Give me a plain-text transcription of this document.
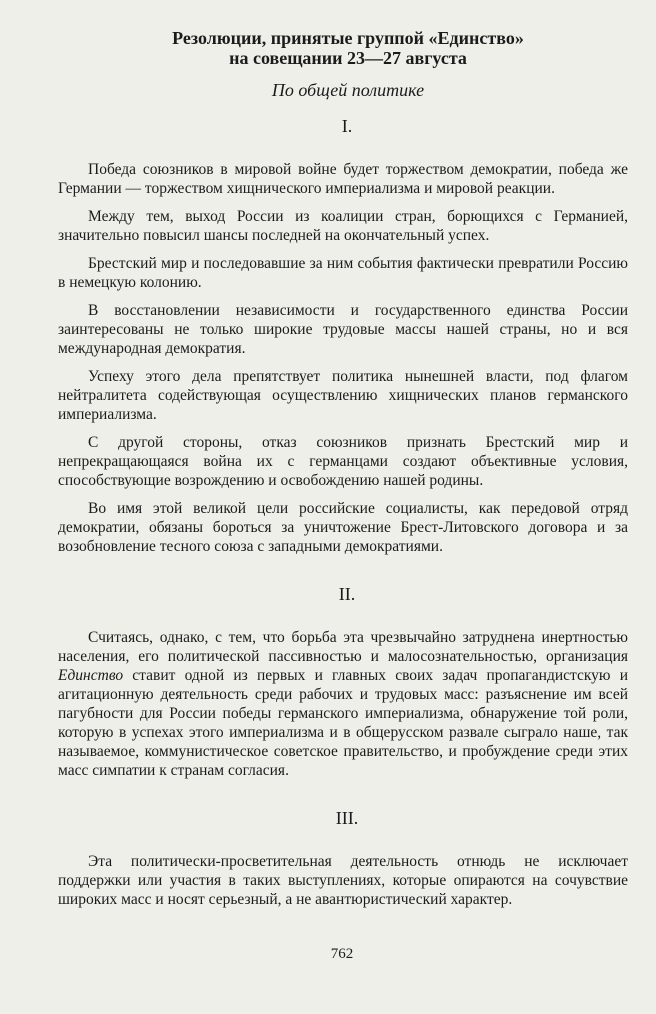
Резолюции, принятые группой «Единство»
на совещании 23—27 августа
По общей политике
I.

Победа союзников в мировой войне будет торжеством демократии, победа же Германии — торжеством хищнического империализма и мировой реакции.

Между тем, выход России из коалиции стран, борющихся с Германией, значительно повысил шансы последней на окончательный успех.

Брестский мир и последовавшие за ним события фактически превратили Россию в немецкую колонию.

В восстановлении независимости и государственного единства России заинтересованы не только широкие трудовые массы нашей страны, но и вся международная демократия.

Успеху этого дела препятствует политика нынешней власти, под флагом нейтралитета содействующая осуществлению хищнических планов германского империализма.

С другой стороны, отказ союзников признать Брестский мир и непрекращающаяся война их с германцами создают объективные условия, способствующие возрождению и освобождению нашей родины.

Во имя этой великой цели российские социалисты, как передовой отряд демократии, обязаны бороться за уничтожение Брест-Литовского договора и за возобновление тесного союза с западными демократиями.

II.

Считаясь, однако, с тем, что борьба эта чрезвычайно затруднена инертностью населения, его политической пассивностью и малосознательностью, организация Единство ставит одной из первых и главных своих задач пропагандистскую и агитационную деятельность среди рабочих и трудовых масс: разъяснение им всей пагубности для России победы германского империализма, обнаружение той роли, которую в успехах этого империализма и в общерусском развале сыграло наше, так называемое, коммунистическое советское правительство, и пробуждение среди этих масс симпатии к странам согласия.

III.

Эта политически-просветительная деятельность отнюдь не исключает поддержки или участия в таких выступлениях, которые опираются на сочувствие широких масс и носят серьезный, а не авантюристический характер.

762
